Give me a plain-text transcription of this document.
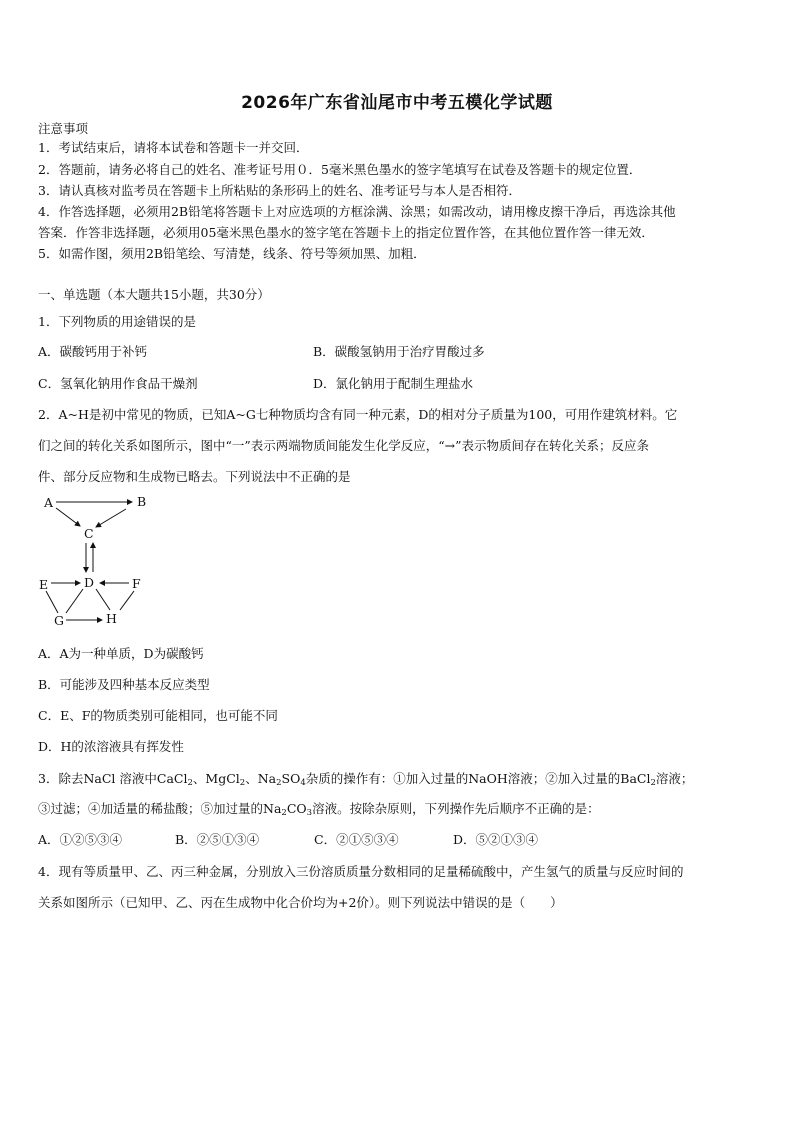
2026年广东省汕尾市中考五模化学试题
注意事项
1．考试结束后，请将本试卷和答题卡一并交回．
2．答题前，请务必将自己的姓名、准考证号用０．5毫米黑色墨水的签字笔填写在试卷及答题卡的规定位置．
3．请认真核对监考员在答题卡上所粘贴的条形码上的姓名、准考证号与本人是否相符．
4．作答选择题，必须用2B铅笔将答题卡上对应选项的方框涂满、涂黑；如需改动，请用橡皮擦干净后，再选涂其他
答案．作答非选择题，必须用05毫米黑色墨水的签字笔在答题卡上的指定位置作答，在其他位置作答一律无效．
5．如需作图，须用2B铅笔绘、写清楚，线条、符号等须加黑、加粗．
一、单选题（本大题共15小题，共30分）
1．下列物质的用途错误的是
A．碳酸钙用于补钙	B．碳酸氢钠用于治疗胃酸过多
C．氢氧化钠用作食品干燥剂	D．氯化钠用于配制生理盐水
2．A~H是初中常见的物质，已知A~G七种物质均含有同一种元素，D的相对分子质量为100，可用作建筑材料。它
们之间的转化关系如图所示，图中“一”表示两端物质间能发生化学反应，“→”表示物质间存在转化关系；反应条
件、部分反应物和生成物已略去。下列说法中不正确的是
A	B
C
D
E	F
G	H
A．A为一种单质，D为碳酸钙
B．可能涉及四种基本反应类型
C．E、F的物质类别可能相同，也可能不同
D．H的浓溶液具有挥发性
3．除去NaCl 溶液中CaCl$_2$、MgCl$_2$、$Na_2SO_4$杂质的操作有：①加入过量的NaOH溶液；②加入过量的BaCl$_2$溶液；
③过滤；④加适量的稀盐酸；⑤加过量的$Na_2CO_3$溶液。按除杂原则，下列操作先后顺序不正确的是：
A．①②⑤③④	B．②⑤①③④	C．②①⑤③④	D．⑤②①③④
4．现有等质量甲、乙、丙三种金属，分别放入三份溶质质量分数相同的足量稀硫酸中，产生氢气的质量与反应时间的
关系如图所示（已知甲、乙、丙在生成物中化合价均为+2价）。则下列说法中错误的是（　　）
